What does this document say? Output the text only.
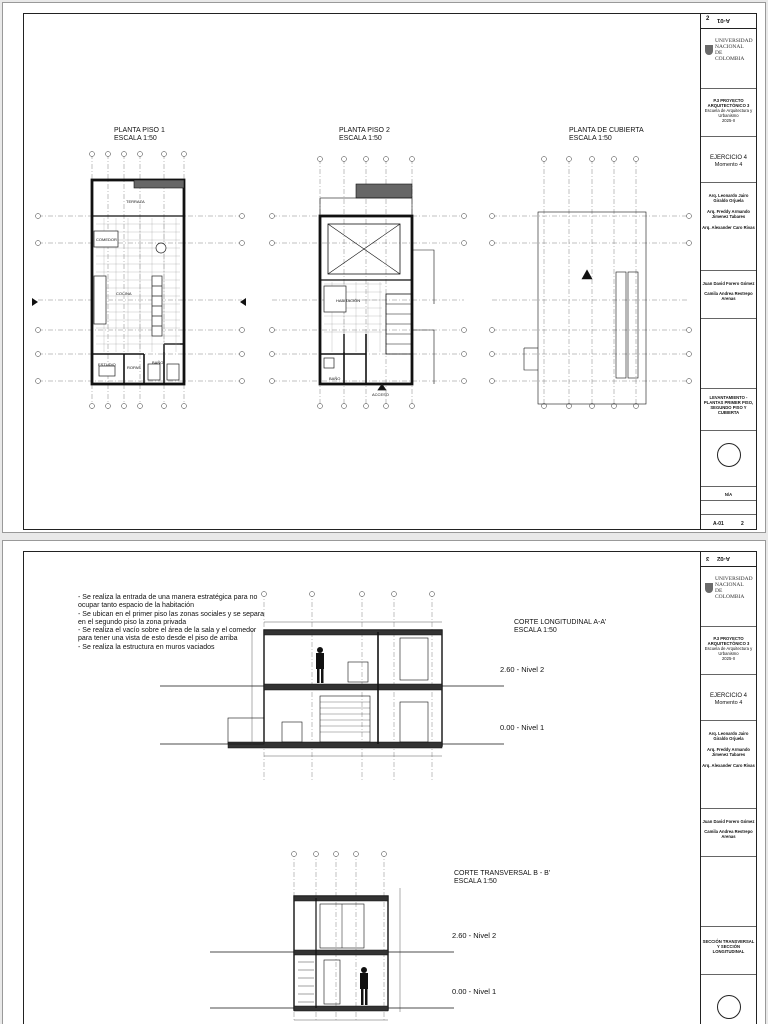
PLANTA PISO 1
ESCALA 1:50
PLANTA PISO 2
ESCALA 1:50
PLANTA DE CUBIERTA
ESCALA 1:50
TERRAZA
COMEDOR
COCINA
ESTUDIO
ROPAS
BAÑO
HABITACIÓN
BAÑO
ACCESO
2 A-01
UNIVERSIDAD NACIONAL DE COLOMBIA
P.3 PROYECTO ARQUITECTÓNICO 3
Escuela de Arquitectura y Urbanismo
2025-II
EJERCICIO 4
Momento 4
Arq. Leonardo Jairo Giraldo Orjuela
Arq. Freddy Armando Jimenez Tabares
Arq. Alexander Caro Rivas
Juan David Forero Gómez
Camila Andrea Restrepo Arenas
LEVANTAMIENTO - PLANTAS PRIMER PISO, SEGUNDO PISO Y CUBIERTA
N/A
A-01	2
- Se realiza la entrada de una manera estratégica para no ocupar tanto espacio de la habitación
- Se ubican en el primer piso las zonas sociales y se separa en el segundo piso la zona privada
- Se realiza el vacío sobre el área de la sala y el comedor para tener una vista de esto desde el piso de arriba
- Se realiza la estructura en muros vaciados
CORTE LONGITUDINAL A-A'
ESCALA 1:50
2.60 - Nivel 2
0.00 - Nivel 1
CORTE TRANSVERSAL B - B'
ESCALA 1:50
2.60 - Nivel 2
0.00 - Nivel 1
3 A-02
UNIVERSIDAD NACIONAL DE COLOMBIA
P.3 PROYECTO ARQUITECTÓNICO 3
Escuela de Arquitectura y Urbanismo
2025-II
EJERCICIO 4
Momento 4
Arq. Leonardo Jairo Giraldo Orjuela
Arq. Freddy Armando Jimenez Tabares
Arq. Alexander Caro Rivas
Juan David Forero Gómez
Camila Andrea Restrepo Arenas
SECCIÓN TRANSVERSAL Y SECCIÓN LONGITUDINAL
